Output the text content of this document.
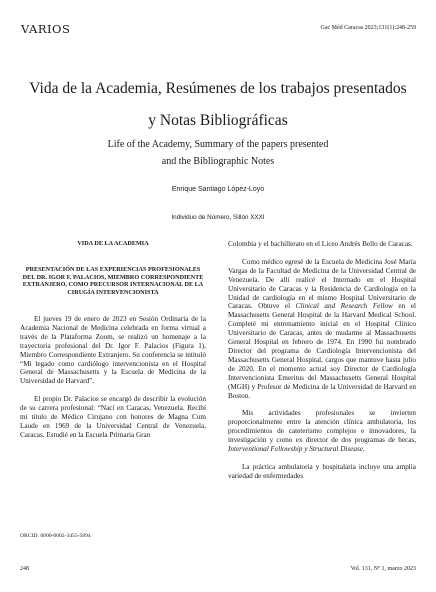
VARIOS	Gac Méd Caracas 2023;131(1):248-259
Vida de la Academia, Resúmenes de los trabajos presentados
y Notas Bibliográficas
Life of the Academy, Summary of the papers presented
and the Bibliographic Notes
Enrique Santiago López-Loyo
Individuo de Número, Sillón XXXI
VIDA DE LA ACADEMIA
PRESENTACIÓN DE LAS EXPERIENCIAS PROFESIONALES DEL DR. IGOR F. PALACIOS, MIEMBRO CORRESPONDIENTE EXTRANJERO, COMO PRECURSOR INTERNACIONAL DE LA CIRUGÍA INTERVENCIONISTA

El jueves 19 de enero de 2023 en Sesión Ordinaria de la Academia Nacional de Medicina celebrada en forma virtual a través de la Plataforma Zoom, se realizó un homenaje a la trayectoria profesional del Dr. Igor F. Palacios (Figura 1), Miembro Correspondiente Extranjero. Su conferencia se intituló “Mi legado como cardiólogo intervencionista en el Hospital General de Massachusetts y la Escuela de Medicina de la Universidad de Harvard”.

El propio Dr. Palacios se encargó de describir la evolución de su carrera profesional: “Nací en Caracas, Venezuela. Recibí mi título de Médico Cirujano con honores de Magna Cum Laude en 1969 de la Universidad Central de Venezuela, Caracas. Estudié en la Escuela Primaria Gran

ORCID: 0000-0002-3455-5894

Colombia y el bachillerato en el Liceo Andrés Bello de Caracas.

Como médico egresé de la Escuela de Medicina José María Vargas de la Facultad de Medicina de la Universidad Central de Venezuela. De allí realicé el Internado en el Hospital Universitario de Caracas y la Residencia de Cardiología en la Unidad de cardiología en el mismo Hospital Universitario de Caracas. Obtuve el Clinical and Research Fellow en el Massachusetts General Hospital de la Harvard Medical School. Completé mi entrenamiento inicial en el Hospital Clínico Universitario de Caracas, antes de mudarme al Massachusetts General Hospital en febrero de 1974. En 1990 fui nombrado Director del programa de Cardiología Intervencionista del Massachusetts General Hospital, cargos que mantuve hasta julio de 2020. En el momento actual soy Director de Cardiología Intervencionista Emeritus del Massachusetts General Hospital (MGH) y Profesor de Medicina de la Universidad de Harvard en Boston.

Mis actividades profesionales se invierten proporcionalmente entre la atención clínica ambulatoria, los procedimientos de cateterismo complejos e innovadores, la investigación y como ex director de dos programas de becas, Interventional Fellowship y Structural Disease.

La práctica ambulatoria y hospitalaria incluye una amplia variedad de enfermedades

248	Vol. 131, Nº 1, marzo 2023
